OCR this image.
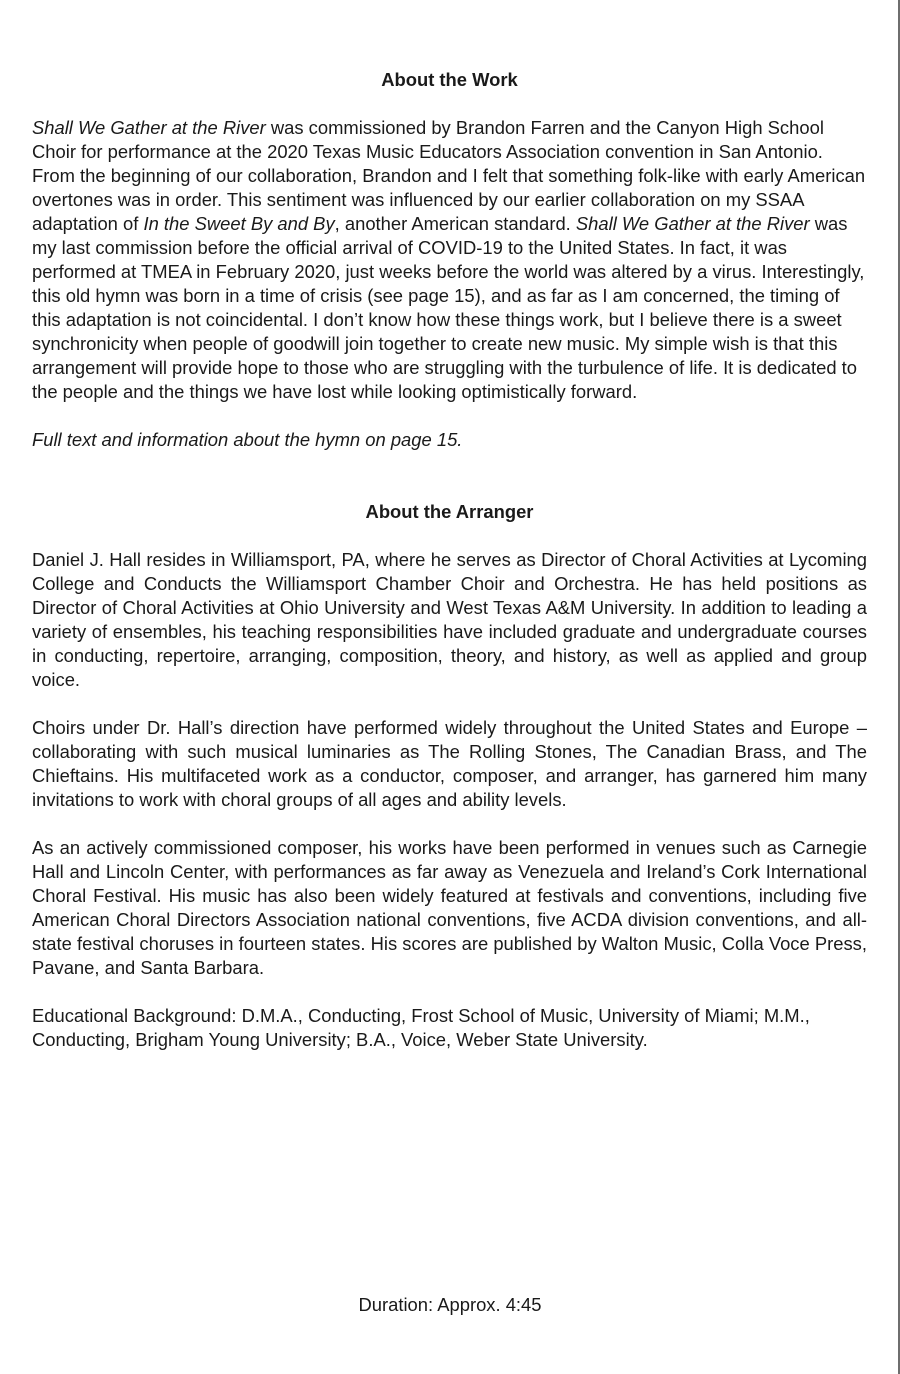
About the Work

Shall We Gather at the River was commissioned by Brandon Farren and the Canyon High School Choir for performance at the 2020 Texas Music Educators Association convention in San Antonio. From the beginning of our collaboration, Brandon and I felt that something folk-like with early American overtones was in order. This sentiment was influenced by our earlier collaboration on my SSAA adaptation of In the Sweet By and By, another American standard. Shall We Gather at the River was my last commission before the official arrival of COVID-19 to the United States. In fact, it was performed at TMEA in February 2020, just weeks before the world was altered by a virus. Interestingly, this old hymn was born in a time of crisis (see page 15), and as far as I am concerned, the timing of this adaptation is not coincidental. I don’t know how these things work, but I believe there is a sweet synchronicity when people of goodwill join together to create new music. My simple wish is that this arrangement will provide hope to those who are struggling with the turbulence of life. It is dedicated to the people and the things we have lost while looking optimistically forward.

Full text and information about the hymn on page 15.

About the Arranger

Daniel J. Hall resides in Williamsport, PA, where he serves as Director of Choral Activities at Lycoming College and Conducts the Williamsport Chamber Choir and Orchestra. He has held positions as Director of Choral Activities at Ohio University and West Texas A&M University. In addition to leading a variety of ensembles, his teaching responsibilities have included graduate and undergraduate courses in conducting, repertoire, arranging, composition, theory, and history, as well as applied and group voice.

Choirs under Dr. Hall’s direction have performed widely throughout the United States and Europe – collaborating with such musical luminaries as The Rolling Stones, The Canadian Brass, and The Chieftains. His multifaceted work as a conductor, composer, and arranger, has garnered him many invitations to work with choral groups of all ages and ability levels.

As an actively commissioned composer, his works have been performed in venues such as Carnegie Hall and Lincoln Center, with performances as far away as Venezuela and Ireland’s Cork International Choral Festival. His music has also been widely featured at festivals and conventions, including five American Choral Directors Association national conventions, five ACDA division conventions, and all-state festival choruses in fourteen states. His scores are published by Walton Music, Colla Voce Press, Pavane, and Santa Barbara.

Educational Background: D.M.A., Conducting, Frost School of Music, University of Miami; M.M., Conducting, Brigham Young University; B.A., Voice, Weber State University.

Duration: Approx. 4:45
